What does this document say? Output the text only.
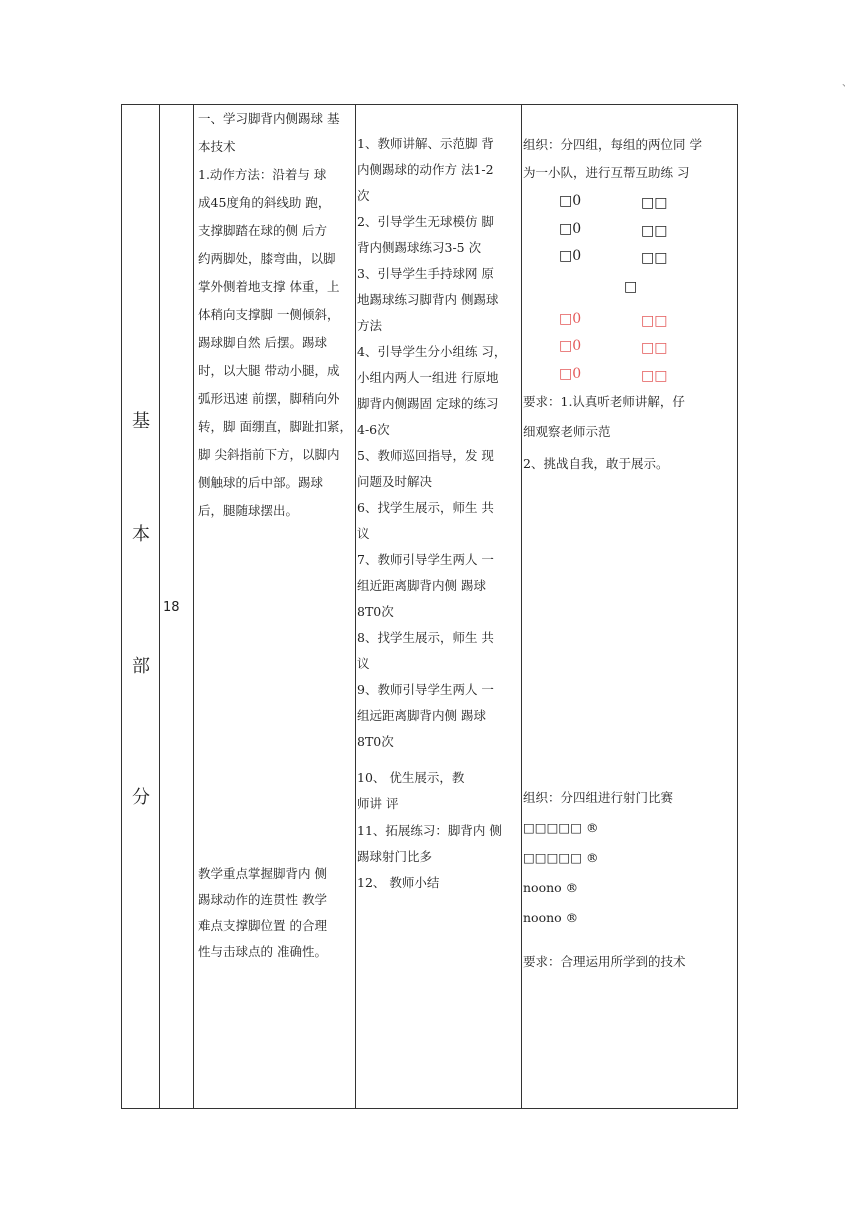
、
基
本
部
分
18
一、学习脚背内侧踢球 基
本技术
1.动作方法：沿着与 球
成45度角的斜线助 跑，
支撑脚踏在球的侧 后方
约两脚处，膝弯曲，以脚
掌外侧着地支撑 体重，上
体稍向支撑脚 一侧倾斜，
踢球脚自然 后摆。踢球
时，以大腿 带动小腿，成
弧形迅速 前摆，脚稍向外
转，脚 面绷直，脚趾扣紧，
脚 尖斜指前下方，以脚内
侧触球的后中部。踢球
后，腿随球摆出。
教学重点掌握脚背内 侧
踢球动作的连贯性 教学
难点支撑脚位置 的合理
性与击球点的 准确性。
1、教师讲解、示范脚 背
内侧踢球的动作方 法1-2
次
2、引导学生无球模仿 脚
背内侧踢球练习3-5 次
3、引导学生手持球网 原
地踢球练习脚背内 侧踢球
方法
4、引导学生分小组练 习，
小组内两人一组进 行原地
脚背内侧踢固 定球的练习
4-6次
5、教师巡回指导，发 现
问题及时解决
6、找学生展示，师生 共
议
7、教师引导学生两人 一
组近距离脚背内侧 踢球
8T0次
8、找学生展示，师生 共
议
9、教师引导学生两人 一
组远距离脚背内侧 踢球
8T0次
10、 优生展示，教
师讲 评
11、拓展练习：脚背内 侧
踢球射门比多
12、 教师小结
组织：分四组，每组的两位同 学
为一小队，进行互帮互助练 习
□0
□0
□0
□□
□□
□□
□
□0
□0
□0
□□
□□
□□
要求：1.认真听老师讲解，仔
细观察老师示范
2、挑战自我，敢于展示。
组织：分四组进行射门比赛
□□□□□ ®
□□□□□ ®
noono ®
noono ®
要求：合理运用所学到的技术
